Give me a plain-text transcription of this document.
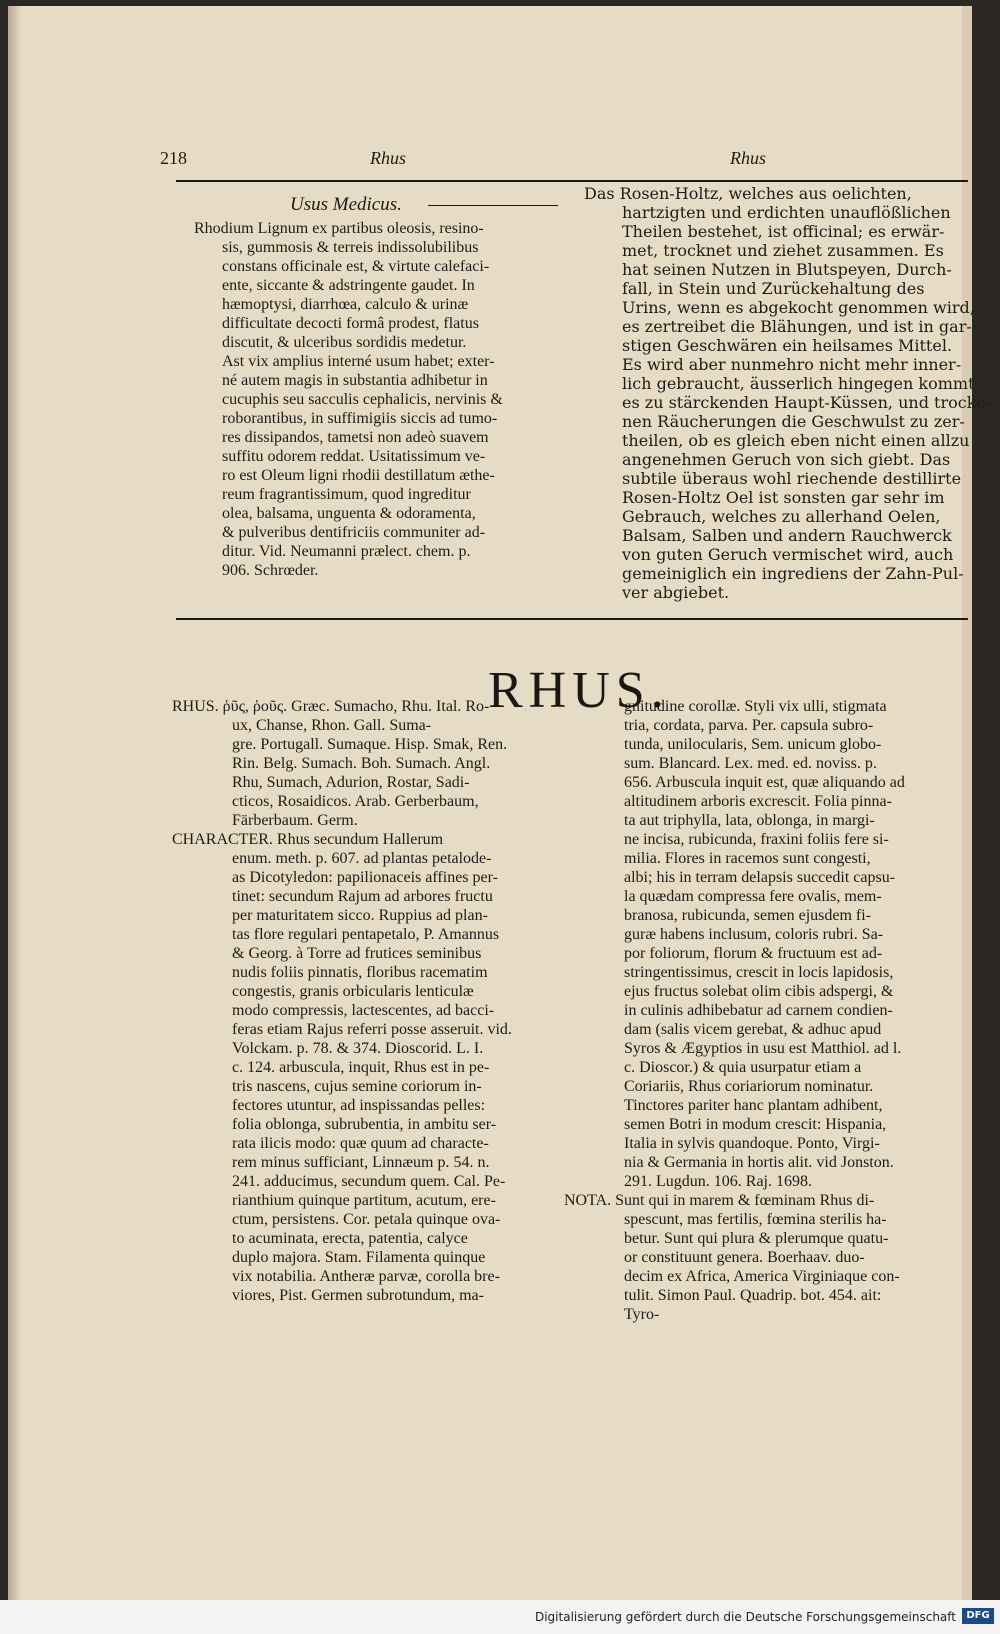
218	Rhus	Rhus
Usus Medicus.
Rhodium Lignum ex partibus oleosis, resino-
sis, gummosis & terreis indissolubilibus
constans officinale est, & virtute calefaci-
ente, siccante & adstringente gaudet. In
hæmoptysi, diarrhœa, calculo & urinæ
difficultate decocti formâ prodest, flatus
discutit, & ulceribus sordidis medetur.
Ast vix amplius interné usum habet; exter-
né autem magis in substantia adhibetur in
cucuphis seu sacculis cephalicis, nervinis &
roborantibus, in suffimigiis siccis ad tumo-
res dissipandos, tametsi non adeò suavem
suffitu odorem reddat. Usitatissimum ve-
ro est Oleum ligni rhodii destillatum æthe-
reum fragrantissimum, quod ingreditur
olea, balsama, unguenta & odoramenta,
& pulveribus dentifriciis communiter ad-
ditur. Vid. Neumanni prælect. chem. p.
906. Schrœder.
Das Rosen-Holtz, welches aus oelichten,
hartzigten und erdichten unauflößlichen
Theilen bestehet, ist officinal; es erwär-
met, trocknet und ziehet zusammen. Es
hat seinen Nutzen in Blutspeyen, Durch-
fall, in Stein und Zurückehaltung des
Urins, wenn es abgekocht genommen wird,
es zertreibet die Blähungen, und ist in gar-
stigen Geschwären ein heilsames Mittel.
Es wird aber nunmehro nicht mehr inner-
lich gebraucht, äusserlich hingegen kommt
es zu stärckenden Haupt-Küssen, und trocke-
nen Räucherungen die Geschwulst zu zer-
theilen, ob es gleich eben nicht einen allzu
angenehmen Geruch von sich giebt. Das
subtile überaus wohl riechende destillirte
Rosen-Holtz Oel ist sonsten gar sehr im
Gebrauch, welches zu allerhand Oelen,
Balsam, Salben und andern Rauchwerck
von guten Geruch vermischet wird, auch
gemeiniglich ein ingrediens der Zahn-Pul-
ver abgiebet.
RHUS.
RHUS. ῥῦς, ῥοῦς. Græc. Sumacho, Rhu. Ital. Ro-
ux, Chanse, Rhon. Gall. Suma-
gre. Portugall. Sumaque. Hisp. Smak, Ren.
Rin. Belg. Sumach. Boh. Sumach. Angl.
Rhu, Sumach, Adurion, Rostar, Sadi-
cticos, Rosaidicos. Arab. Gerberbaum,
Färberbaum. Germ.
CHARACTER. Rhus secundum Hallerum
enum. meth. p. 607. ad plantas petalode-
as Dicotyledon: papilionaceis affines per-
tinet: secundum Rajum ad arbores fructu
per maturitatem sicco. Ruppius ad plan-
tas flore regulari pentapetalo, P. Amannus
& Georg. à Torre ad frutices seminibus
nudis foliis pinnatis, floribus racematim
congestis, granis orbicularis lenticulæ
modo compressis, lactescentes, ad bacci-
feras etiam Rajus referri posse asseruit. vid.
Volckam. p. 78. & 374. Dioscorid. L. I.
c. 124. arbuscula, inquit, Rhus est in pe-
tris nascens, cujus semine coriorum in-
fectores utuntur, ad inspissandas pelles:
folia oblonga, subrubentia, in ambitu ser-
rata ilicis modo: quæ quum ad characte-
rem minus sufficiant, Linnæum p. 54. n.
241. adducimus, secundum quem. Cal. Pe-
rianthium quinque partitum, acutum, ere-
ctum, persistens. Cor. petala quinque ova-
to acuminata, erecta, patentia, calyce
duplo majora. Stam. Filamenta quinque
vix notabilia. Antheræ parvæ, corolla bre-
viores, Pist. Germen subrotundum, ma-
gnitudine corollæ. Styli vix ulli, stigmata
tria, cordata, parva. Per. capsula subro-
tunda, unilocularis, Sem. unicum globo-
sum. Blancard. Lex. med. ed. noviss. p.
656. Arbuscula inquit est, quæ aliquando ad
altitudinem arboris excrescit. Folia pinna-
ta aut triphylla, lata, oblonga, in margi-
ne incisa, rubicunda, fraxini foliis fere si-
milia. Flores in racemos sunt congesti,
albi; his in terram delapsis succedit capsu-
la quædam compressa fere ovalis, mem-
branosa, rubicunda, semen ejusdem fi-
guræ habens inclusum, coloris rubri. Sa-
por foliorum, florum & fructuum est ad-
stringentissimus, crescit in locis lapidosis,
ejus fructus solebat olim cibis adspergi, &
in culinis adhibebatur ad carnem condien-
dam (salis vicem gerebat, & adhuc apud
Syros & Ægyptios in usu est Matthiol. ad l.
c. Dioscor.) & quia usurpatur etiam a
Coriariis, Rhus coriariorum nominatur.
Tinctores pariter hanc plantam adhibent,
semen Botri in modum crescit: Hispania,
Italia in sylvis quandoque. Ponto, Virgi-
nia & Germania in hortis alit. vid Jonston.
291. Lugdun. 106. Raj. 1698.
NOTA. Sunt qui in marem & fœminam Rhus di-
spescunt, mas fertilis, fœmina sterilis ha-
betur. Sunt qui plura & plerumque quatu-
or constituunt genera. Boerhaav. duo-
decim ex Africa, America Virginiaque con-
tulit. Simon Paul. Quadrip. bot. 454. ait:
Tyro-
Digitalisierung gefördert durch die Deutsche Forschungsgemeinschaft	DFG
